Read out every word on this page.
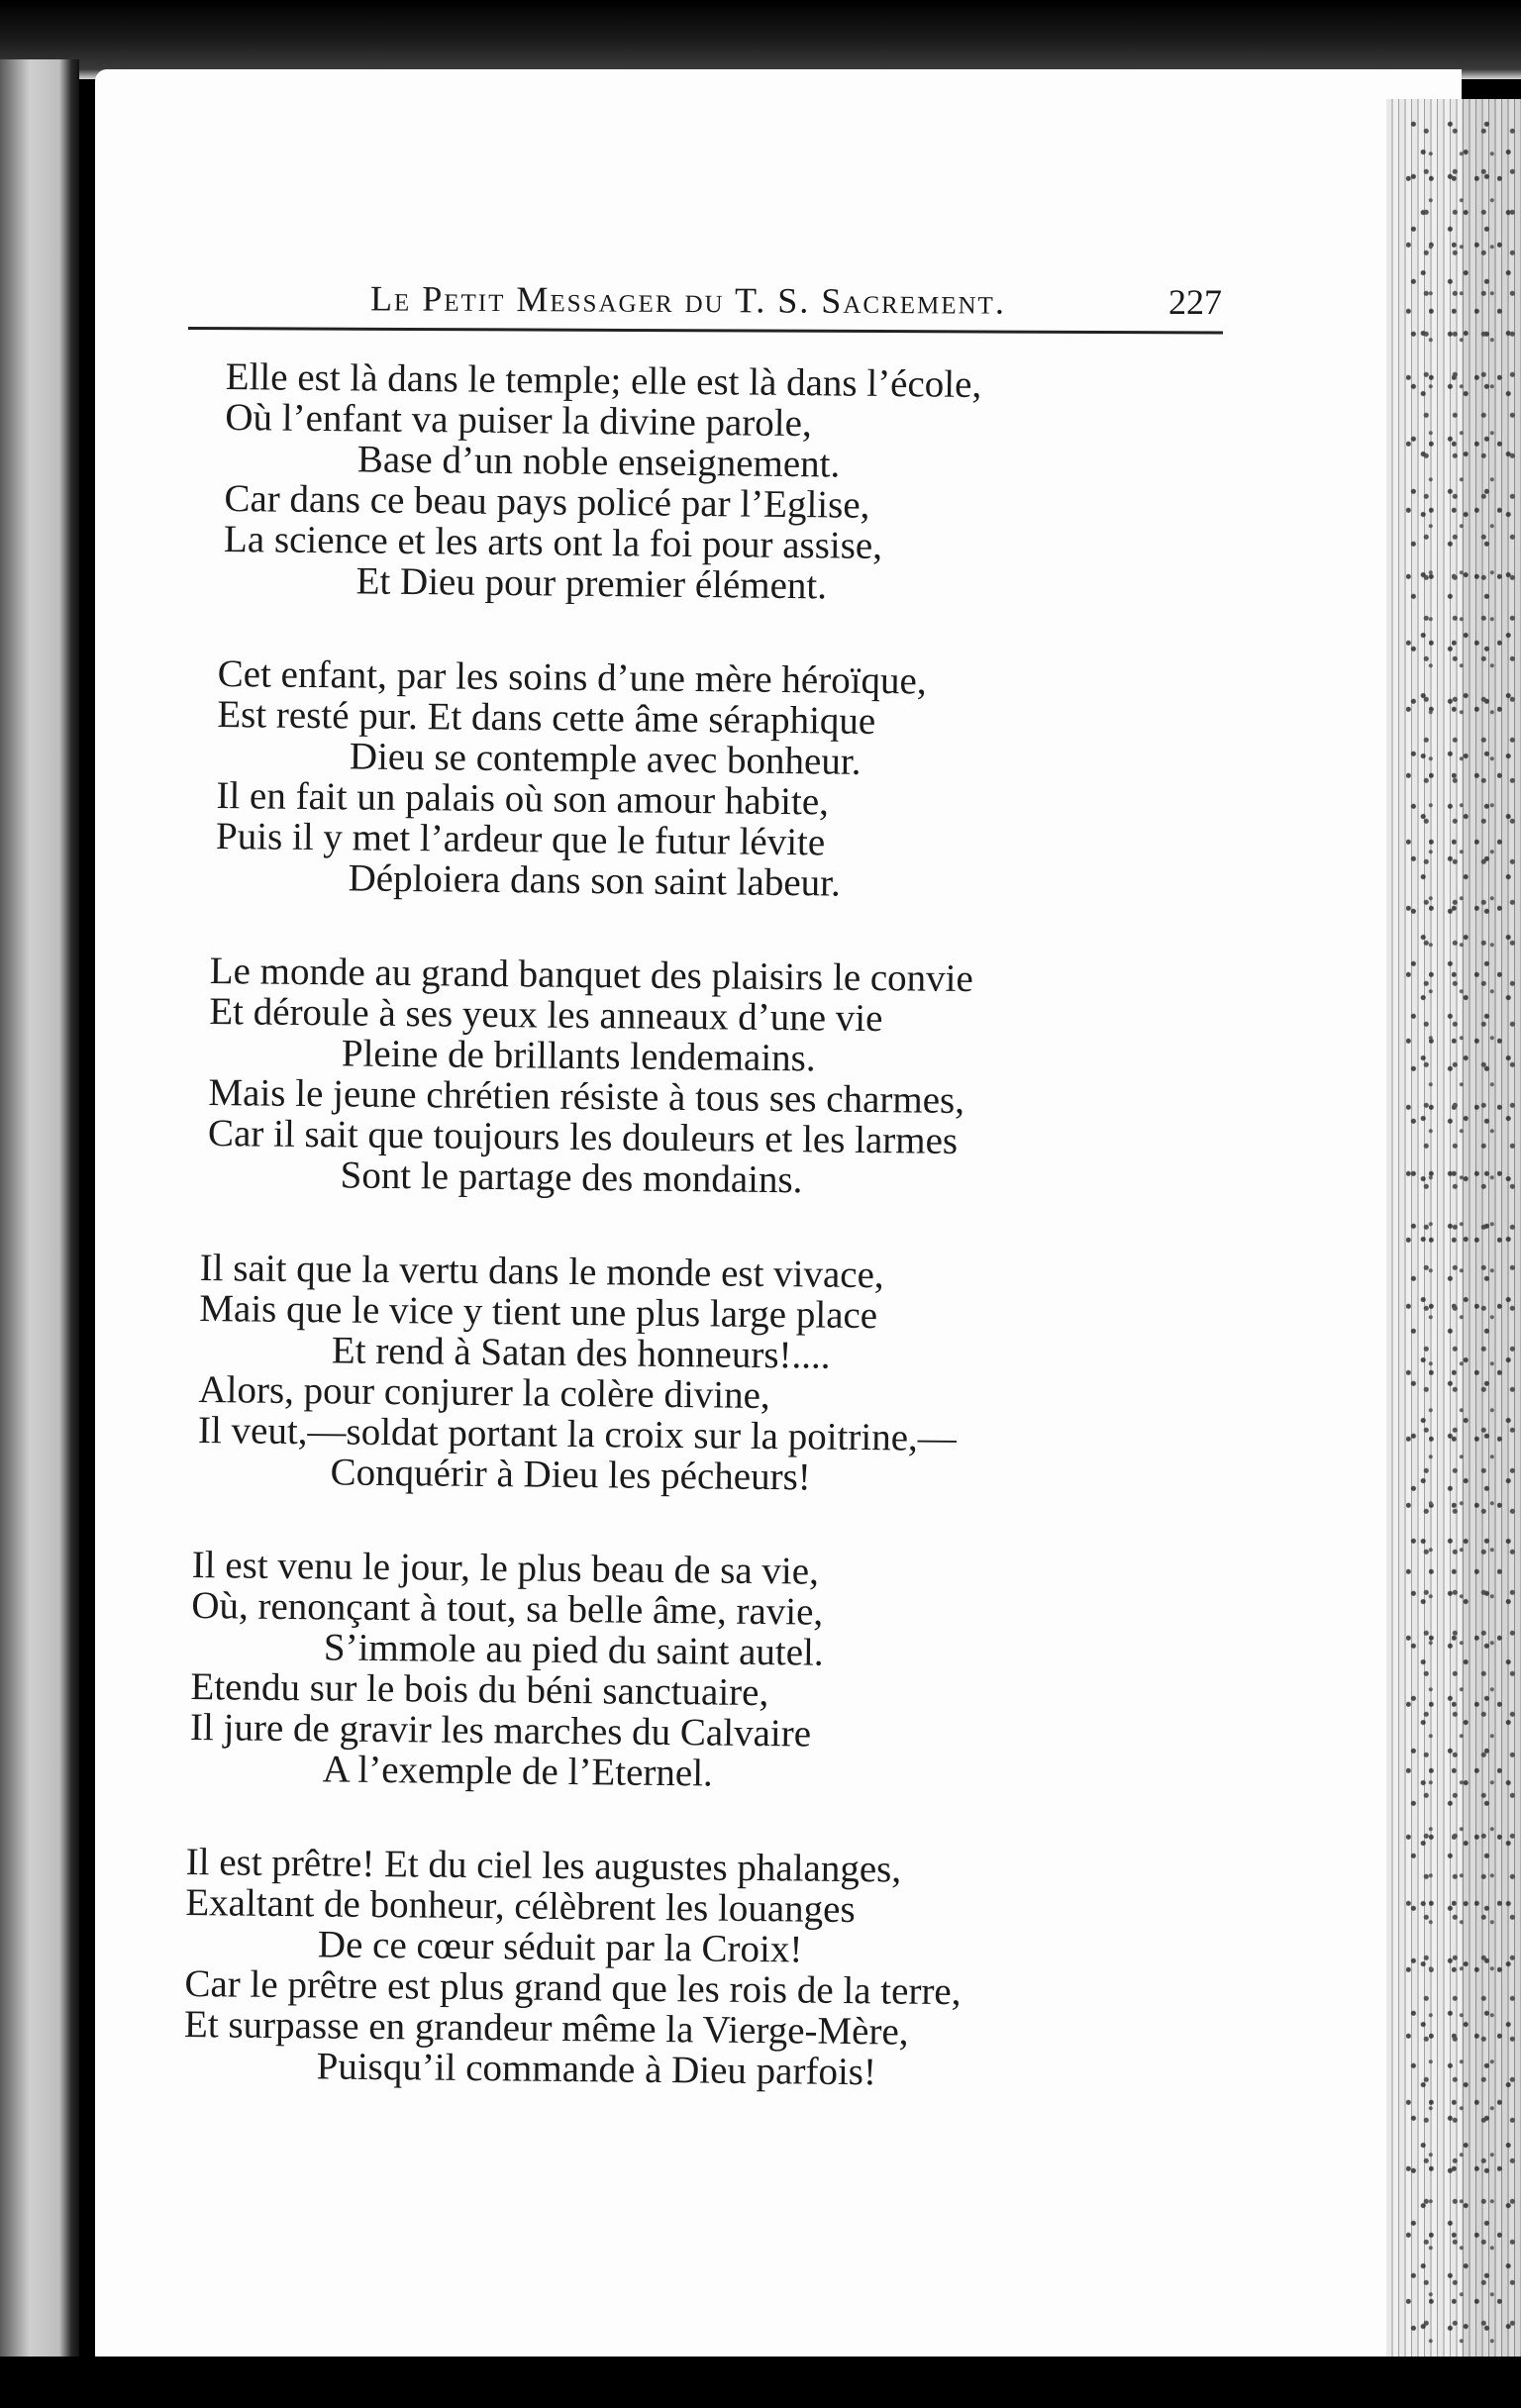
Le Petit Messager du T. S. Sacrement.	227
Elle est là dans le temple; elle est là dans l’école,
Où l’enfant va puiser la divine parole,
Base d’un noble enseignement.
Car dans ce beau pays policé par l’Eglise,
La science et les arts ont la foi pour assise,
Et Dieu pour premier élément.
Cet enfant, par les soins d’une mère héroïque,
Est resté pur. Et dans cette âme séraphique
Dieu se contemple avec bonheur.
Il en fait un palais où son amour habite,
Puis il y met l’ardeur que le futur lévite
Déploiera dans son saint labeur.
Le monde au grand banquet des plaisirs le convie
Et déroule à ses yeux les anneaux d’une vie
Pleine de brillants lendemains.
Mais le jeune chrétien résiste à tous ses charmes,
Car il sait que toujours les douleurs et les larmes
Sont le partage des mondains.
Il sait que la vertu dans le monde est vivace,
Mais que le vice y tient une plus large place
Et rend à Satan des honneurs!....
Alors, pour conjurer la colère divine,
Il veut,—soldat portant la croix sur la poitrine,—
Conquérir à Dieu les pécheurs!
Il est venu le jour, le plus beau de sa vie,
Où, renonçant à tout, sa belle âme, ravie,
S’immole au pied du saint autel.
Etendu sur le bois du béni sanctuaire,
Il jure de gravir les marches du Calvaire
A l’exemple de l’Eternel.
Il est prêtre! Et du ciel les augustes phalanges,
Exaltant de bonheur, célèbrent les louanges
De ce cœur séduit par la Croix!
Car le prêtre est plus grand que les rois de la terre,
Et surpasse en grandeur même la Vierge-Mère,
Puisqu’il commande à Dieu parfois!
